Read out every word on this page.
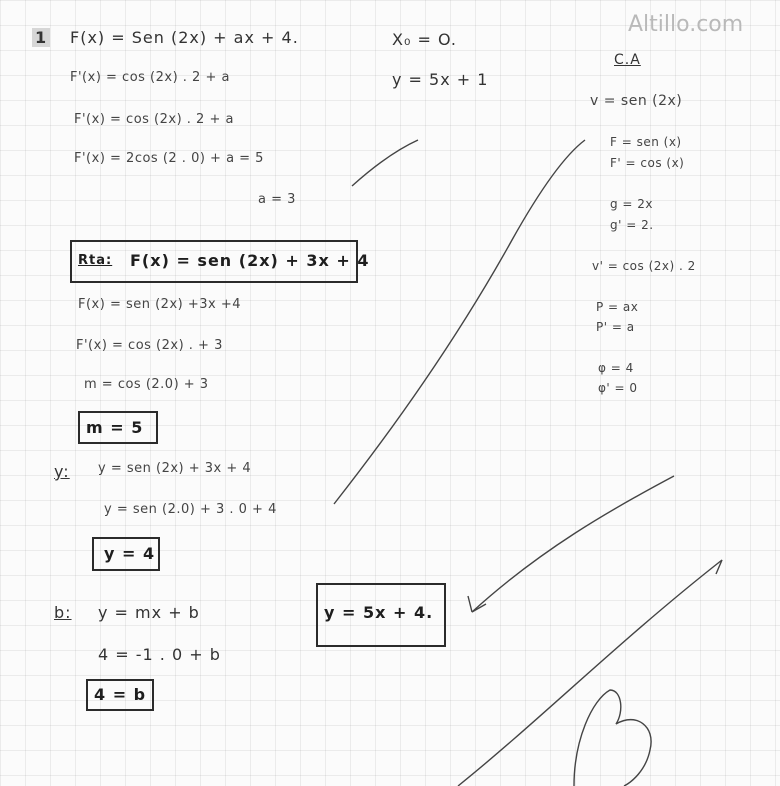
Altillo.com
1 F(x) = Sen (2x) + ax + 4.
F'(x) = cos (2x) . 2 + a
F'(x) = cos (2x) . 2 + a
F'(x) = 2cos (2 . 0) + a = 5
a = 3
Rta: F(x) = sen (2x) + 3x + 4
F(x) = sen (2x) +3x +4
F'(x) = cos (2x) . + 3
m = cos (2.0) + 3
m = 5
y: y = sen (2x) + 3x + 4
y = sen (2.0) + 3 . 0 + 4
y = 4
b: y = mx + b
4 = -1 . 0 + b
4 = b
X₀ = O.
y = 5x + 1
y = 5x + 4.
C.A
v = sen (2x)
F = sen (x)
F' = cos (x)
g = 2x
g' = 2.
v' = cos (2x) . 2
P = ax
P' = a
φ = 4
φ' = 0
